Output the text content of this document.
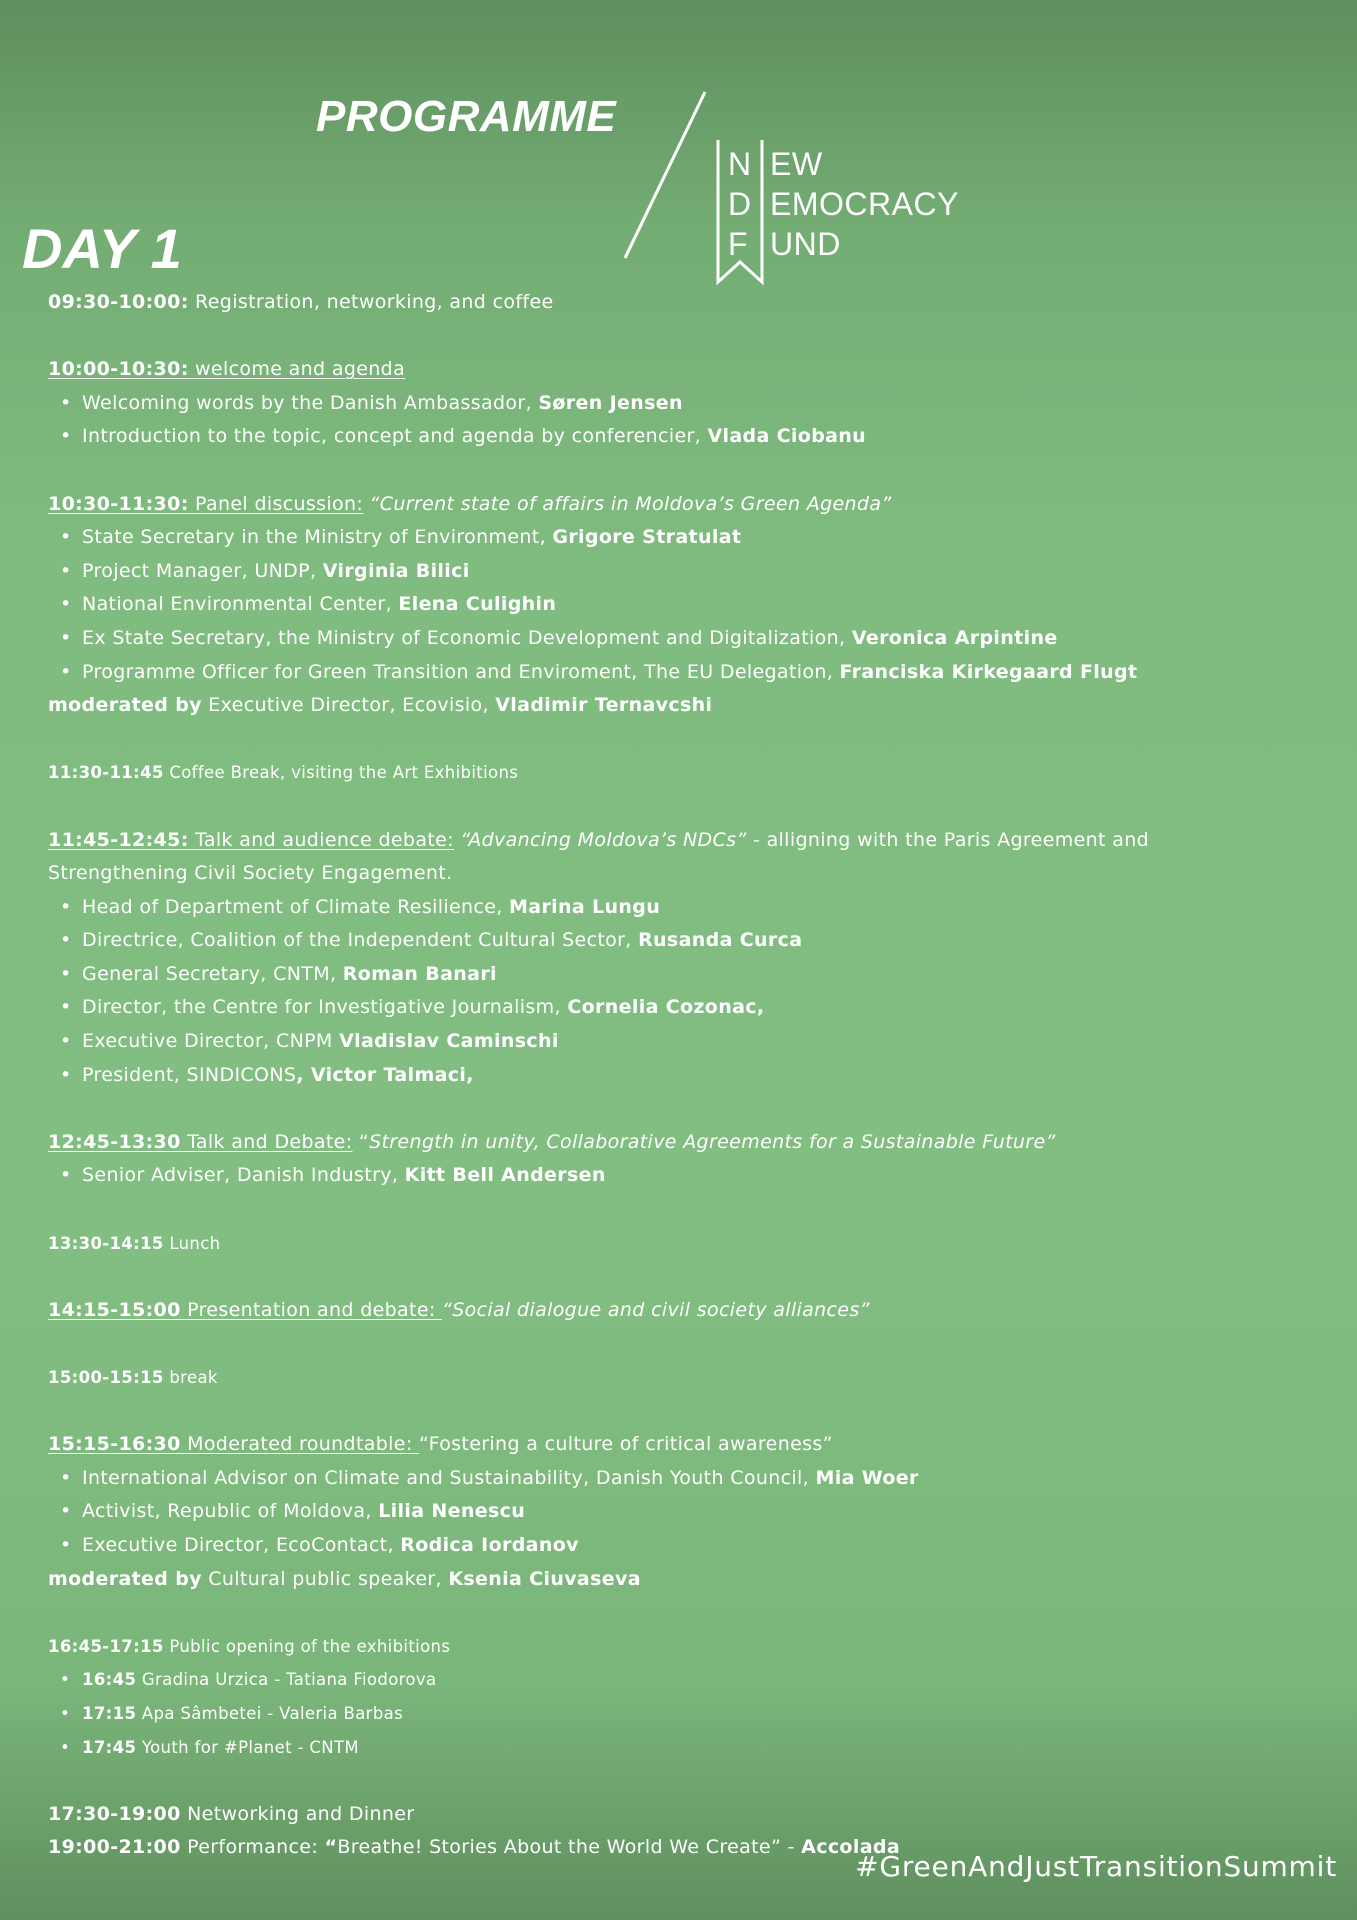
PROGRAMME
N
D
F
EW
EMOCRACY
UND
DAY 1
09:30-10:00: Registration, networking, and coffee
10:00-10:30: welcome and agenda
• Welcoming words by the Danish Ambassador, Søren Jensen
• Introduction to the topic, concept and agenda by conferencier, Vlada Ciobanu
10:30-11:30: Panel discussion: “Current state of affairs in Moldova’s Green Agenda”
• State Secretary in the Ministry of Environment, Grigore Stratulat
• Project Manager, UNDP, Virginia Bilici
• National Environmental Center, Elena Culighin
• Ex State Secretary, the Ministry of Economic Development and Digitalization, Veronica Arpintine
• Programme Officer for Green Transition and Enviroment, The EU Delegation, Franciska Kirkegaard Flugt
moderated by Executive Director, Ecovisio, Vladimir Ternavcshi
11:30-11:45 Coffee Break, visiting the Art Exhibitions
11:45-12:45: Talk and audience debate: “Advancing Moldova’s NDCs” - alligning with the Paris Agreement and
Strengthening Civil Society Engagement.
• Head of Department of Climate Resilience, Marina Lungu
• Directrice, Coalition of the Independent Cultural Sector, Rusanda Curca
• General Secretary, CNTM, Roman Banari
• Director, the Centre for Investigative Journalism, Cornelia Cozonac,
• Executive Director, CNPM Vladislav Caminschi
• President, SINDICONS, Victor Talmaci,
12:45-13:30 Talk and Debate: “Strength in unity, Collaborative Agreements for a Sustainable Future”
• Senior Adviser, Danish Industry, Kitt Bell Andersen
13:30-14:15 Lunch
14:15-15:00 Presentation and debate: “Social dialogue and civil society alliances”
15:00-15:15 break
15:15-16:30 Moderated roundtable: “Fostering a culture of critical awareness”
• International Advisor on Climate and Sustainability, Danish Youth Council, Mia Woer
• Activist, Republic of Moldova, Lilia Nenescu
• Executive Director, EcoContact, Rodica Iordanov
moderated by Cultural public speaker, Ksenia Ciuvaseva
16:45-17:15 Public opening of the exhibitions
• 16:45 Gradina Urzica - Tatiana Fiodorova
• 17:15 Apa Sâmbetei - Valeria Barbas
• 17:45 Youth for #Planet - CNTM
17:30-19:00 Networking and Dinner
19:00-21:00 Performance: “Breathe! Stories About the World We Create” - Accolada
#GreenAndJustTransitionSummit
